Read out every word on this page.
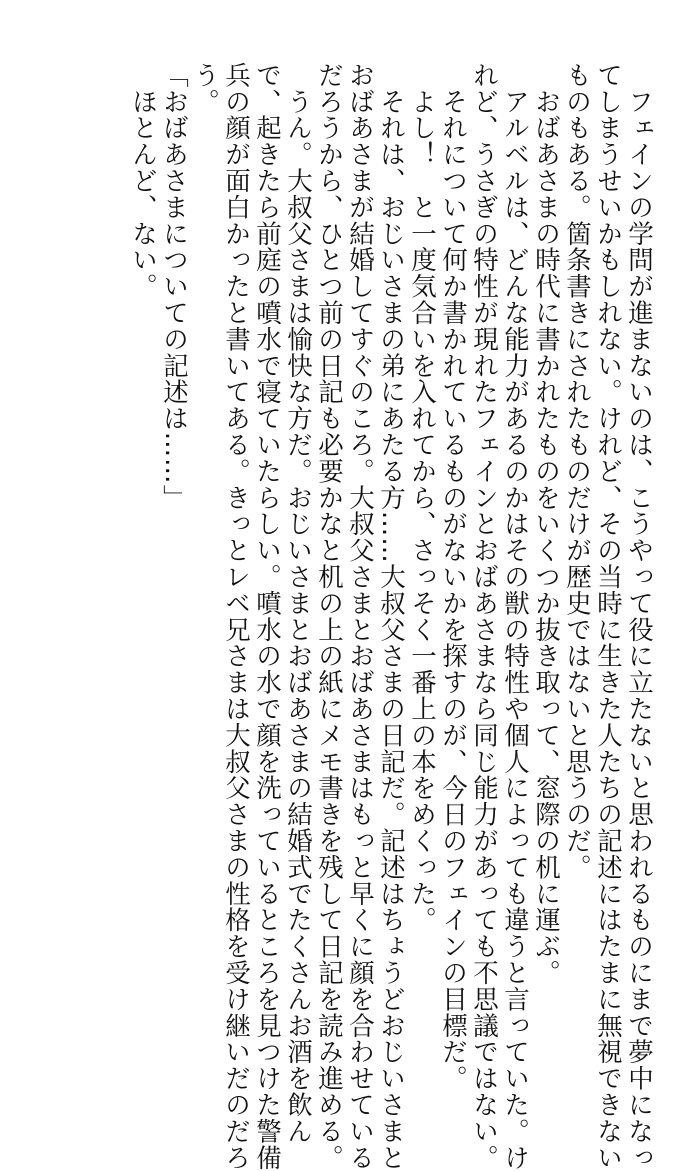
　フェインの学問が進まないのは、こうやって役に立たないと思われるものにまで夢中になっ
てしまうせいかもしれない。けれど、その当時に生きた人たちの記述にはたまに無視できない
ものもある。箇条書きにされたものだけが歴史ではないと思うのだ。
　おばあさまの時代に書かれたものをいくつか抜き取って、窓際の机に運ぶ。
　アルベルは、どんな能力があるのかはその獣の特性や個人によっても違うと言っていた。け
れど、うさぎの特性が現れたフェインとおばあさまなら同じ能力があっても不思議ではない。
　それについて何か書かれているものがないかを探すのが、今日のフェインの目標だ。
　よし！　と一度気合いを入れてから、さっそく一番上の本をめくった。
　それは、おじいさまの弟にあたる方……大叔父さまの日記だ。記述はちょうどおじいさまと
おばあさまが結婚してすぐのころ。大叔父さまとおばあさまはもっと早くに顔を合わせている
だろうから、ひとつ前の日記も必要かなと机の上の紙にメモ書きを残して日記を読み進める。
　うん。大叔父さまは愉快な方だ。おじいさまとおばあさまの結婚式でたくさんお酒を飲ん
で、起きたら前庭の噴水で寝ていたらしい。噴水の水で顔を洗っているところを見つけた警備
兵の顔が面白かったと書いてある。きっとレベ兄さまは大叔父さまの性格を受け継いだのだろ
う。
「おばあさまについての記述は……」
　ほとんど、ない。
